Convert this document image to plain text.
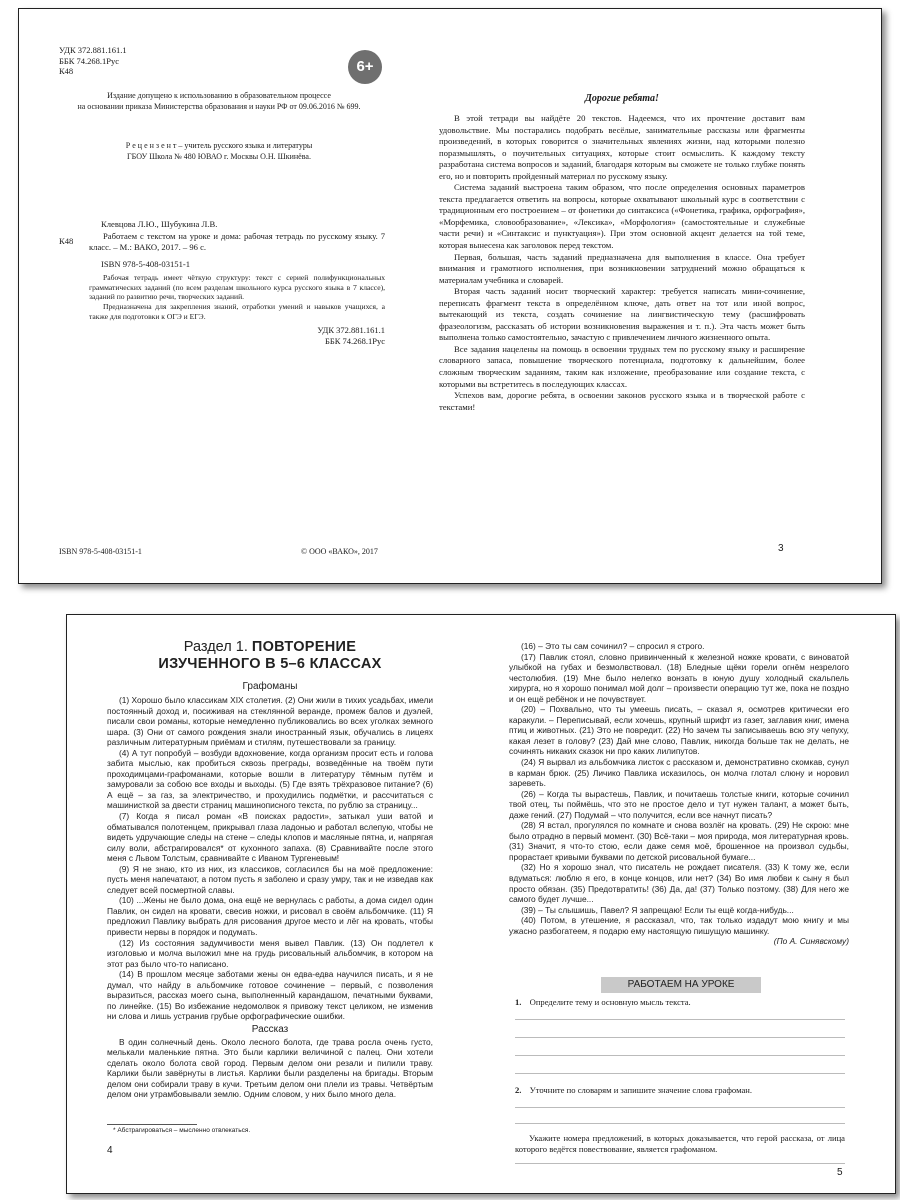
УДК 372.881.161.1
ББК 74.268.1Рус
К48	6+
Издание допущено к использованию в образовательном процессе
на основании приказа Министерства образования и науки РФ от 09.06.2016 № 699.
Р е ц е н з е н т – учитель русского языка и литературы
ГБОУ Школа № 480 ЮВАО г. Москвы О.Н. Шкинёва.
К48
Клевцова Л.Ю., Шубукина Л.В.
Работаем с текстом на уроке и дома: рабочая тетрадь по русскому языку. 7 класс. – М.: ВАКО, 2017. – 96 с.
ISBN 978-5-408-03151-1
Рабочая тетрадь имеет чёткую структуру: текст с серией полифункциональных грамматических заданий (по всем разделам школьного курса русского языка в 7 классе), заданий по развитию речи, творческих заданий.
Предназначена для закрепления знаний, отработки умений и навыков учащихся, а также для подготовки к ОГЭ и ЕГЭ.
УДК 372.881.161.1
ББК 74.268.1Рус
ISBN 978-5-408-03151-1	© ООО «ВАКО», 2017
Дорогие ребята!

В этой тетради вы найдёте 20 текстов. Надеемся, что их прочтение доставит вам удовольствие. Мы постарались подобрать весёлые, занимательные рассказы или фрагменты произведений, в которых говорится о значительных явлениях жизни, над которыми полезно поразмышлять, о поучительных ситуациях, которые стоит осмыслить. К каждому тексту разработана система вопросов и заданий, благодаря которым вы сможете не только глубже понять его, но и повторить пройденный материал по русскому языку.

Система заданий выстроена таким образом, что после определения основных параметров текста предлагается ответить на вопросы, которые охватывают школьный курс в соответствии с традиционным его построением – от фонетики до синтаксиса («Фонетика, графика, орфография», «Морфемика, словообразование», «Лексика», «Морфология» (самостоятельные и служебные части речи) и «Синтаксис и пунктуация»). При этом основной акцент делается на той теме, которая вынесена как заголовок перед текстом.

Первая, большая, часть заданий предназначена для выполнения в классе. Она требует внимания и грамотного исполнения, при возникновении затруднений можно обращаться к материалам учебника и словарей.

Вторая часть заданий носит творческий характер: требуется написать мини-сочинение, переписать фрагмент текста в определённом ключе, дать ответ на тот или иной вопрос, вытекающий из текста, создать сочинение на лингвистическую тему (расшифровать фразеологизм, рассказать об истории возникновения выражения и т. п.). Эта часть может быть выполнена только самостоятельно, зачастую с привлечением личного жизненного опыта.

Все задания нацелены на помощь в освоении трудных тем по русскому языку и расширение словарного запаса, повышение творческого потенциала, подготовку к дальнейшим, более сложным творческим заданиям, таким как изложение, преобразование или создание текста, с которыми вы встретитесь в последующих классах.

Успехов вам, дорогие ребята, в освоении законов русского языка и в творческой работе с текстами!

3
Раздел 1. ПОВТОРЕНИЕ
ИЗУЧЕННОГО В 5–6 КЛАССАХ
Графоманы

(1) Хорошо было классикам XIX столетия. (2) Они жили в тихих усадьбах, имели постоянный доход и, посиживая на стеклянной веранде, промеж балов и дуэлей, писали свои романы, которые немедленно публиковались во всех уголках земного шара. (3) Они от самого рождения знали иностранный язык, обучались в лицеях различным литературным приёмам и стилям, путешествовали за границу.

(4) А тут попробуй – возбуди вдохновение, когда организм просит есть и голова забита мыслью, как пробиться сквозь преграды, возведённые на твоём пути проходимцами-графоманами, которые вошли в литературу тёмным путём и замуровали за собою все входы и выходы. (5) Где взять трёхразовое питание? (6) А ещё – за газ, за электричество, и прохудились подмётки, и рассчитаться с машинисткой за двести страниц машинописного текста, по рублю за страницу...

(7) Когда я писал роман «В поисках радости», затыкал уши ватой и обматывался полотенцем, прикрывал глаза ладонью и работал вслепую, чтобы не видеть удручающие следы на стене – следы клопов и масляные пятна, и, напрягая силу воли, абстрагировался* от кухонного запаха. (8) Сравнивайте после этого меня с Львом Толстым, сравнивайте с Иваном Тургеневым!

(9) Я не знаю, кто из них, из классиков, согласился бы на моё предложение: пусть меня напечатают, а потом пусть я заболею и сразу умру, так и не изведав как следует всей посмертной славы.

(10) ...Жены не было дома, она ещё не вернулась с работы, а дома сидел один Павлик, он сидел на кровати, свесив ножки, и рисовал в своём альбомчике. (11) Я предложил Павлику выбрать для рисования другое место и лёг на кровать, чтобы привести нервы в порядок и подумать.

(12) Из состояния задумчивости меня вывел Павлик. (13) Он подлетел к изголовью и молча выложил мне на грудь рисовальный альбомчик, в котором на этот раз было что-то написано.

(14) В прошлом месяце заботами жены он едва-едва научился писать, и я не думал, что найду в альбомчике готовое сочинение – первый, с позволения выразиться, рассказ моего сына, выполненный карандашом, печатными буквами, по линейке. (15) Во избежание недомолвок я привожу текст целиком, не изменив ни слова и лишь устранив грубые орфографические ошибки.

Рассказ

В один солнечный день. Около лесного болота, где трава росла очень густо, мелькали маленькие пятна. Это были карлики величиной с палец. Они хотели сделать около болота свой город. Первым делом они резали и пилили траву. Карлики были завёрнуты в листья. Карлики были разделены на бригады. Вторым делом они собирали траву в кучи. Третьим делом они плели из травы. Четвёртым делом они утрамбовывали землю. Одним словом, у них было много дела.

* Абстрагироваться – мысленно отвлекаться.
4

(16) – Это ты сам сочинил? – спросил я строго.

(17) Павлик стоял, словно привинченный к железной ножке кровати, с виноватой улыбкой на губах и безмолвствовал. (18) Бледные щёки горели огнём незрелого честолюбия. (19) Мне было нелегко вонзать в юную душу холодный скальпель хирурга, но я хорошо понимал мой долг – произвести операцию тут же, пока не поздно и он ещё ребёнок и не почувствует.

(20) – Похвально, что ты умеешь писать, – сказал я, осмотрев критически его каракули. – Переписывай, если хочешь, крупный шрифт из газет, заглавия книг, имена птиц и животных. (21) Это не повредит. (22) Но зачем ты записываешь всю эту чепуху, какая лезет в голову? (23) Дай мне слово, Павлик, никогда больше так не делать, не сочинять никаких сказок ни про каких лилипутов.

(24) Я вырвал из альбомчика листок с рассказом и, демонстративно скомкав, сунул в карман брюк. (25) Личико Павлика исказилось, он молча глотал слюну и норовил зареветь.

(26) – Когда ты вырастешь, Павлик, и почитаешь толстые книги, которые сочинил твой отец, ты поймёшь, что это не простое дело и тут нужен талант, а может быть, даже гений. (27) Подумай – что получится, если все начнут писать?

(28) Я встал, прогулялся по комнате и снова возлёг на кровать. (29) Не скрою: мне было отрадно в первый момент. (30) Всё-таки – моя природа, моя литературная кровь. (31) Значит, я что-то стою, если даже семя моё, брошенное на произвол судьбы, прорастает кривыми буквами по детской рисовальной бумаге...

(32) Но я хорошо знал, что писатель не рождает писателя. (33) К тому же, если вдуматься: люблю я его, в конце концов, или нет? (34) Во имя любви к сыну я был просто обязан. (35) Предотвратить! (36) Да, да! (37) Только поэтому. (38) Для него же самого будет лучше...

(39) – Ты слышишь, Павел? Я запрещаю! Если ты ещё когда-нибудь...

(40) Потом, в утешение, я рассказал, что, так только издадут мою книгу и мы ужасно разбогатеем, я подарю ему настоящую пишущую машинку.

(По А. Синявскому)
РАБОТАЕМ НА УРОКЕ
1. Определите тему и основную мысль текста.
2. Уточните по словарям и запишите значение слова графоман.
Укажите номера предложений, в которых доказывается, что герой рассказа, от лица которого ведётся повествование, является графоманом.
5
